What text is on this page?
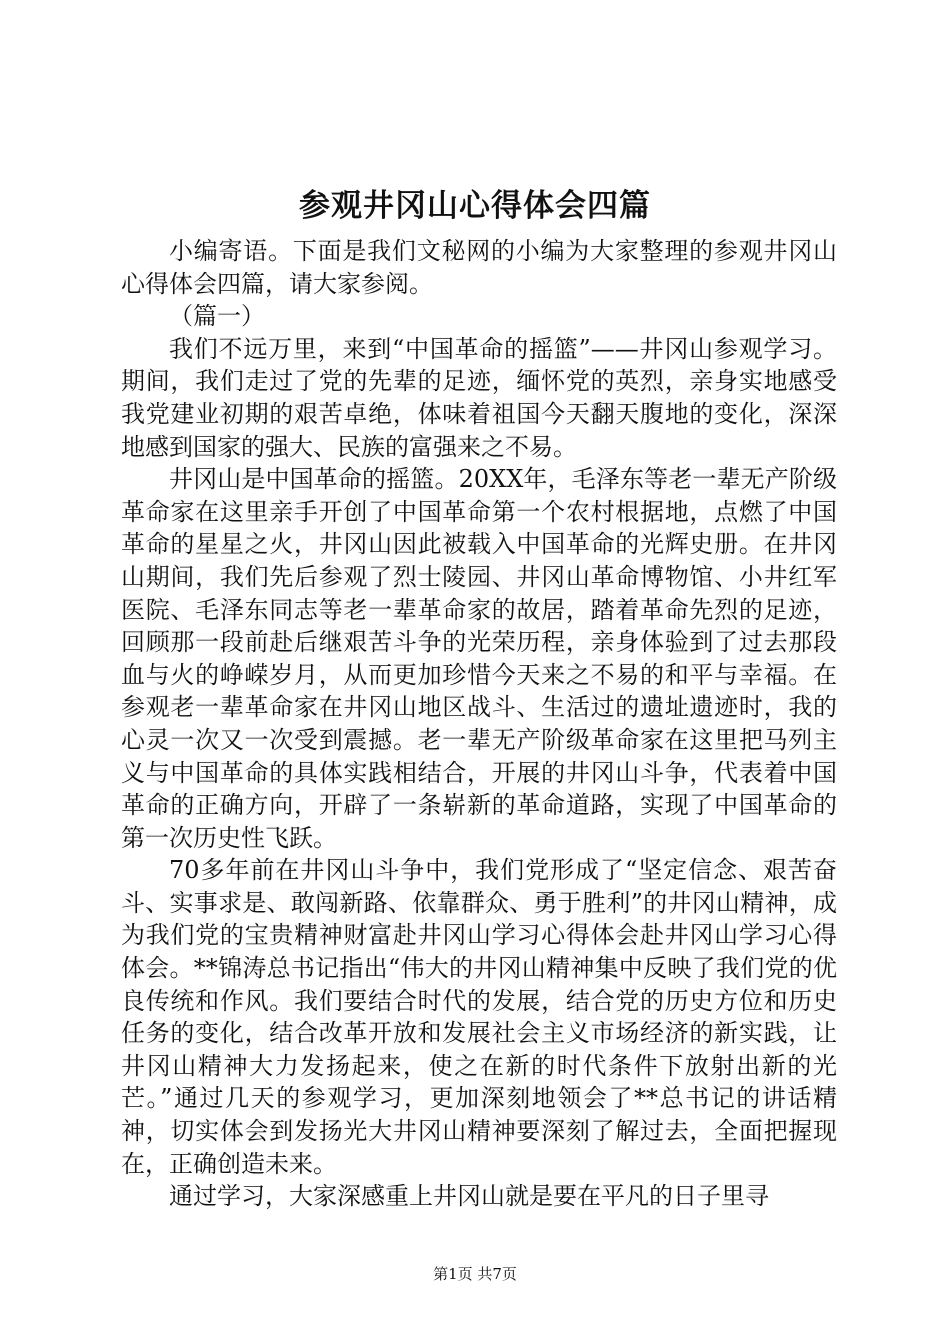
参观井冈山心得体会四篇

小编寄语。下面是我们文秘网的小编为大家整理的参观井冈山心得体会四篇，请大家参阅。

（篇一）

我们不远万里，来到“中国革命的摇篮”——井冈山参观学习。期间，我们走过了党的先辈的足迹，缅怀党的英烈，亲身实地感受我党建业初期的艰苦卓绝，体味着祖国今天翻天腹地的变化，深深地感到国家的强大、民族的富强来之不易。

井冈山是中国革命的摇篮。20XX年，毛泽东等老一辈无产阶级革命家在这里亲手开创了中国革命第一个农村根据地，点燃了中国革命的星星之火，井冈山因此被载入中国革命的光辉史册。在井冈山期间，我们先后参观了烈士陵园、井冈山革命博物馆、小井红军医院、毛泽东同志等老一辈革命家的故居，踏着革命先烈的足迹，回顾那一段前赴后继艰苦斗争的光荣历程，亲身体验到了过去那段血与火的峥嵘岁月，从而更加珍惜今天来之不易的和平与幸福。在参观老一辈革命家在井冈山地区战斗、生活过的遗址遗迹时，我的心灵一次又一次受到震撼。老一辈无产阶级革命家在这里把马列主义与中国革命的具体实践相结合，开展的井冈山斗争，代表着中国革命的正确方向，开辟了一条崭新的革命道路，实现了中国革命的第一次历史性飞跃。

70多年前在井冈山斗争中，我们党形成了“坚定信念、艰苦奋斗、实事求是、敢闯新路、依靠群众、勇于胜利”的井冈山精神，成为我们党的宝贵精神财富赴井冈山学习心得体会赴井冈山学习心得体会。**锦涛总书记指出“伟大的井冈山精神集中反映了我们党的优良传统和作风。我们要结合时代的发展，结合党的历史方位和历史任务的变化，结合改革开放和发展社会主义市场经济的新实践，让井冈山精神大力发扬起来，使之在新的时代条件下放射出新的光芒。”通过几天的参观学习，更加深刻地领会了**总书记的讲话精神，切实体会到发扬光大井冈山精神要深刻了解过去，全面把握现在，正确创造未来。

通过学习，大家深感重上井冈山就是要在平凡的日子里寻

第1页 共7页
